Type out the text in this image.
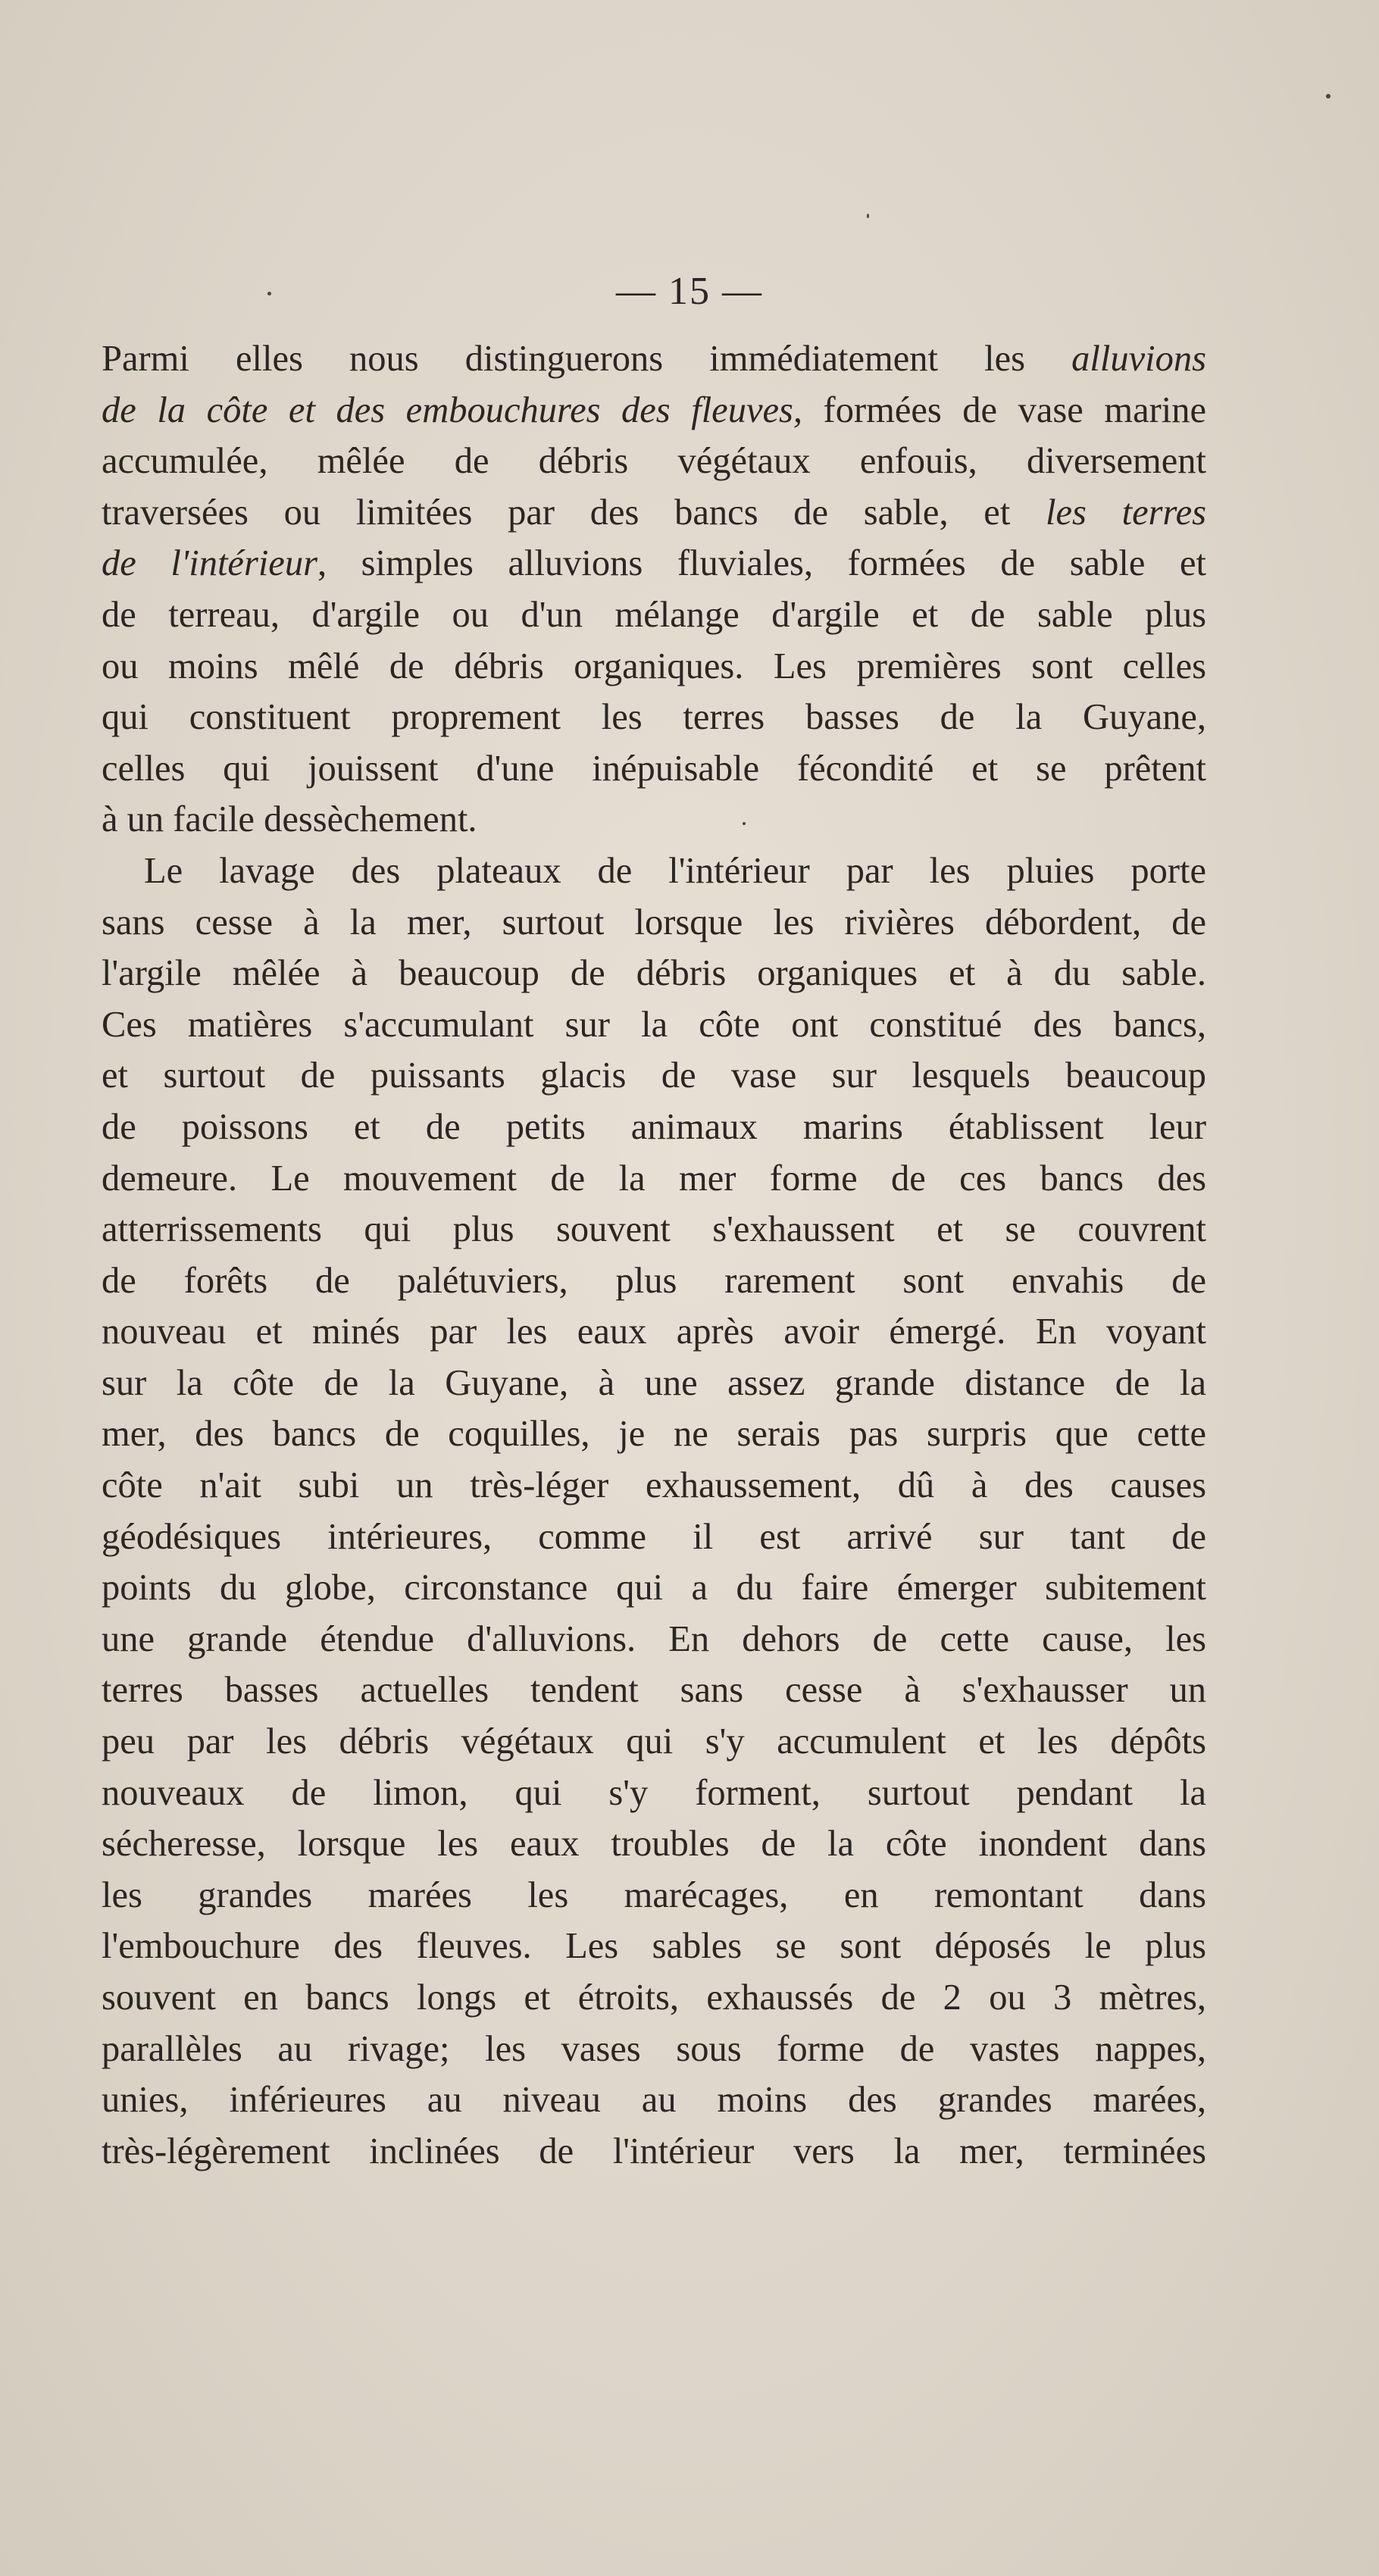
— 15 —
Parmi elles nous distinguerons immédiatement les alluvions
de la côte et des embouchures des fleuves, formées de vase marine
accumulée, mêlée de débris végétaux enfouis, diversement
traversées ou limitées par des bancs de sable, et les terres
de l'intérieur, simples alluvions fluviales, formées de sable et
de terreau, d'argile ou d'un mélange d'argile et de sable plus
ou moins mêlé de débris organiques. Les premières sont celles
qui constituent proprement les terres basses de la Guyane,
celles qui jouissent d'une inépuisable fécondité et se prêtent
à un facile dessèchement.
Le lavage des plateaux de l'intérieur par les pluies porte
sans cesse à la mer, surtout lorsque les rivières débordent, de
l'argile mêlée à beaucoup de débris organiques et à du sable.
Ces matières s'accumulant sur la côte ont constitué des bancs,
et surtout de puissants glacis de vase sur lesquels beaucoup
de poissons et de petits animaux marins établissent leur
demeure. Le mouvement de la mer forme de ces bancs des
atterrissements qui plus souvent s'exhaussent et se couvrent
de forêts de palétuviers, plus rarement sont envahis de
nouveau et minés par les eaux après avoir émergé. En voyant
sur la côte de la Guyane, à une assez grande distance de la
mer, des bancs de coquilles, je ne serais pas surpris que cette
côte n'ait subi un très-léger exhaussement, dû à des causes
géodésiques intérieures, comme il est arrivé sur tant de
points du globe, circonstance qui a du faire émerger subitement
une grande étendue d'alluvions. En dehors de cette cause, les
terres basses actuelles tendent sans cesse à s'exhausser un
peu par les débris végétaux qui s'y accumulent et les dépôts
nouveaux de limon, qui s'y forment, surtout pendant la
sécheresse, lorsque les eaux troubles de la côte inondent dans
les grandes marées les marécages, en remontant dans
l'embouchure des fleuves. Les sables se sont déposés le plus
souvent en bancs longs et étroits, exhaussés de 2 ou 3 mètres,
parallèles au rivage; les vases sous forme de vastes nappes,
unies, inférieures au niveau au moins des grandes marées,
très-légèrement inclinées de l'intérieur vers la mer, terminées
